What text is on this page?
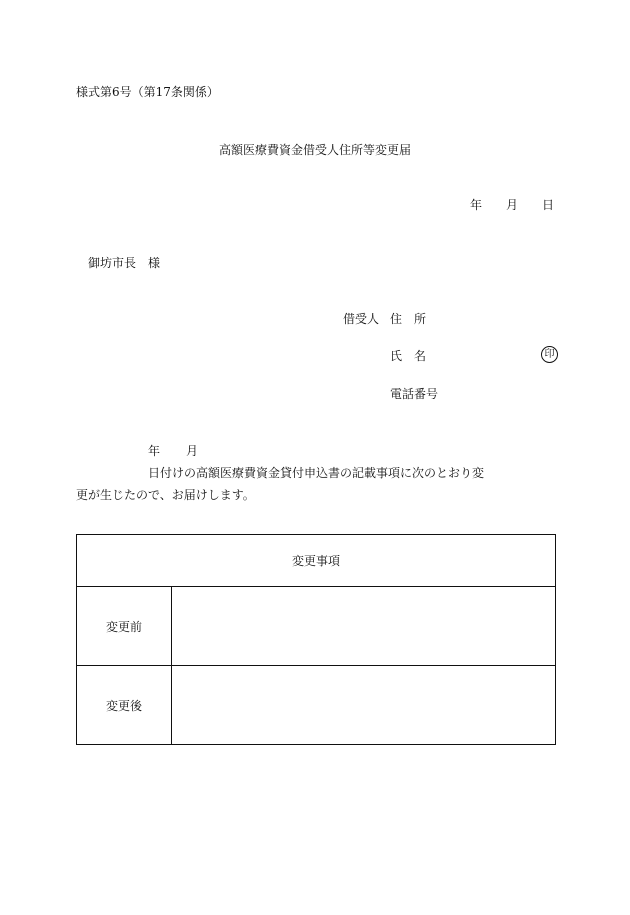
様式第6号（第17条関係）
高額医療費資金借受人住所等変更届
年 月 日
御坊市長　様
借受人 住　所
氏　名	印
電話番号
年 月日付けの高額医療費資金貸付申込書の記載事項に次のとおり変
更が生じたので、お届けします。
変更事項	
変更前	
変更後	
